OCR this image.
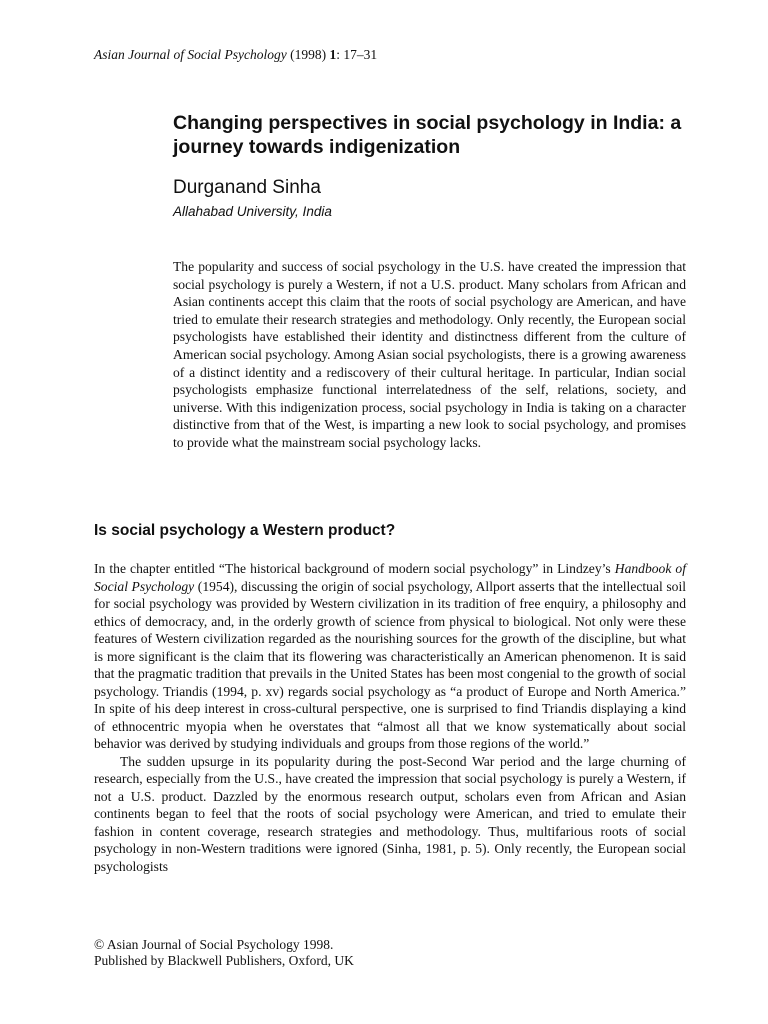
Asian Journal of Social Psychology (1998) 1: 17–31
Changing perspectives in social psychology in India: a journey towards indigenization
Durganand Sinha
Allahabad University, India

The popularity and success of social psychology in the U.S. have created the impression that social psychology is purely a Western, if not a U.S. product. Many scholars from African and Asian continents accept this claim that the roots of social psychology are American, and have tried to emulate their research strategies and methodology. Only recently, the European social psychologists have established their identity and distinctness different from the culture of American social psychology. Among Asian social psychologists, there is a growing awareness of a distinct identity and a rediscovery of their cultural heritage. In particular, Indian social psychologists emphasize functional interrelatedness of the self, relations, society, and universe. With this indigenization process, social psychology in India is taking on a character distinctive from that of the West, is imparting a new look to social psychology, and promises to provide what the mainstream social psychology lacks.

Is social psychology a Western product?

In the chapter entitled “The historical background of modern social psychology” in Lindzey’s Handbook of Social Psychology (1954), discussing the origin of social psychology, Allport asserts that the intellectual soil for social psychology was provided by Western civilization in its tradition of free enquiry, a philosophy and ethics of democracy, and, in the orderly growth of science from physical to biological. Not only were these features of Western civilization regarded as the nourishing sources for the growth of the discipline, but what is more significant is the claim that its flowering was characteristically an American phenomenon. It is said that the pragmatic tradition that prevails in the United States has been most congenial to the growth of social psychology. Triandis (1994, p. xv) regards social psychology as “a product of Europe and North America.” In spite of his deep interest in cross-cultural perspective, one is surprised to find Triandis displaying a kind of ethnocentric myopia when he overstates that “almost all that we know systematically about social behavior was derived by studying individuals and groups from those regions of the world.”

The sudden upsurge in its popularity during the post-Second War period and the large churning of research, especially from the U.S., have created the impression that social psychology is purely a Western, if not a U.S. product. Dazzled by the enormous research output, scholars even from African and Asian continents began to feel that the roots of social psychology were American, and tried to emulate their fashion in content coverage, research strategies and methodology. Thus, multifarious roots of social psychology in non-Western traditions were ignored (Sinha, 1981, p. 5). Only recently, the European social psychologists

© Asian Journal of Social Psychology 1998.
Published by Blackwell Publishers, Oxford, UK
